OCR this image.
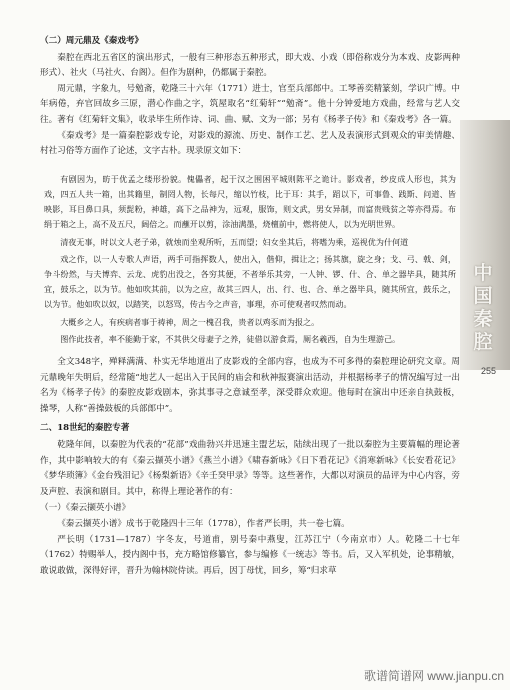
中国秦腔
255

（二）周元鼎及《秦戏考》

秦腔在西北五省区的演出形式，一般有三种形态五种形式，即大戏、小戏（即俗称戏分为本戏、皮影两种形式）、社火（马社火、台阁）。但作为剧种，仍都属于秦腔。

周元鼎，字象九，号勉斋，乾隆三十六年（1771）进士，官至兵部郎中。工琴善奕精篆刻，学识广博。中年病倦，弃官回故乡三原，潜心作曲之字，筑屋取名“红菊轩”“勉斋”。他十分钟爱地方戏曲，经常与艺人交往。著有《红菊轩文集》，收录毕生所作诗、词、曲、赋、文为一部；另有《杨孝子传》和《秦戏考》各一篇。

《秦戏考》是一篇秦腔影戏专论，对影戏的源流、历史、制作工艺、艺人及表演形式到观众的审美情趣、村社习俗等方面作了论述，文字古朴。现录原文如下：

有剧因为，昉于优孟之缕形扮貌。傀儡者，起于汉之围困平城则陈平之诡计。影戏者，纱皮成人形也，其为戏，四五人共一箱，出其籍里，制罔人物，长每尺，缩以竹枝，比于耳：其手，蹈以下，可事鲁、践斯、问道、皆映影，耳目鼻口具，须髭粉，神雄，高下之品神为，远观，服饰，则文武，男女异制，而富贵贱贫之等亦得焉。布绢于箱之上，高不及五尺，阔倍之。而蘸开以剪，涂油满墨，烧檀前中，燃将使人，以为光明世界。

清夜无事，时以文人老子弟，就烛而坐观所听，五而望；妇女坐其后，将嗜为乘，巡视优为什何道

戏之作，以一人专歌人声语，两手可指挥数人，使出入，偕仰，揖让之；扬其旗，旋之身；戈、弓、戟、剑，争斗纷然，与夫博弈、云龙、虎豹出没之，各穷其便，不者举乐其旁，一人钟、锣、什、合、单之器毕具，随其所宜，鼓乐之，以为节。他如吹其前，以为之应，故其三四人，出、行、也、合、单之器毕具，随其所宜，鼓乐之，以为节。他如吹以奴，以踏笑，以怒骂，传古今之声音，事理，亦可使观者叹然而动。

大概乡之人，有疾病者事于祷神，周之一槐召我，贵者以鸡豕而为报之。

图作此技者，率不能勤于家，不其供父母妻子之养，徒借以游食焉，厕名羲西，自为生理游己。

全文348字，殚释满满、朴实无华地道出了皮影戏的全部内容，也成为不可多得的秦腔理论研究文章。周元鼎晚年失明后，经常随“地艺人一起出入于民间的庙会和秋神报赛演出活动，并根据杨孝子的情况编写过一出名为《杨孝子传》的秦腔皮影戏剧本，弥其事寻之意诚至孝，深受群众欢迎。他每时在演出中还亲自执鼓板，操琴，人称“善操鼓板的兵部郎中”。

二、18世纪的秦腔专著

乾隆年间，以秦腔为代表的“花部”戏曲勃兴并迅速主盟艺坛，陆续出现了一批以秦腔为主要篇幅的理论著作，其中影响较大的有《秦云撷英小谱》《燕兰小谱》《啸春新咏》《日下看花记》《消寒新咏》《长安看花记》《梦华琐簿》《金台残泪记》《杨梨新语》《辛壬癸甲录》等等。这些著作，大都以对演员的品评为中心内容，旁及声腔、表演和剧目。其中，称得上理论著作的有：

（一）《秦云撷英小谱》

《秦云撷英小谱》成书于乾隆四十三年（1778），作者严长明，共一卷七篇。

严长明（1731—1787）字冬友，号道甫，别号秦中燕叟，江苏江宁（今南京市）人。乾隆二十七年（1762）特赐举人，授内阁中书，充方略馆修纂官，参与编修《一统志》等书。后，又入军机处，论事精敏，敢说敢做，深得好评，晋升为翰林院侍读。再后，因丁母忧，回乡，筹“归求草

歌谱简谱网 www.jianpu.cn
